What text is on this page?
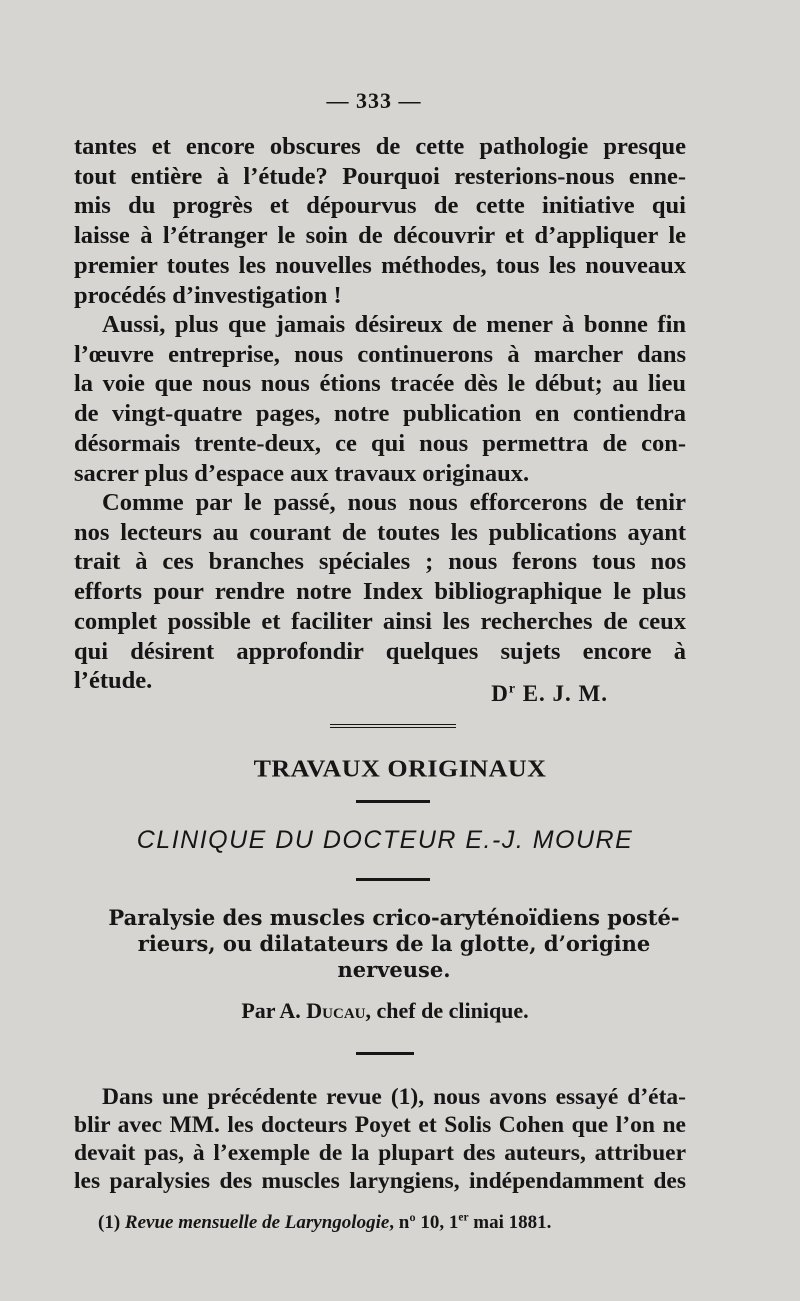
— 333 —
tantes et encore obscures de cette pathologie presque
tout entière à l’étude? Pourquoi resterions-nous enne-
mis du progrès et dépourvus de cette initiative qui
laisse à l’étranger le soin de découvrir et d’appliquer le
premier toutes les nouvelles méthodes, tous les nouveaux
procédés d’investigation !
Aussi, plus que jamais désireux de mener à bonne fin
l’œuvre entreprise, nous continuerons à marcher dans
la voie que nous nous étions tracée dès le début; au lieu
de vingt-quatre pages, notre publication en contiendra
désormais trente-deux, ce qui nous permettra de con-
sacrer plus d’espace aux travaux originaux.
Comme par le passé, nous nous efforcerons de tenir
nos lecteurs au courant de toutes les publications ayant
trait à ces branches spéciales ; nous ferons tous nos
efforts pour rendre notre Index bibliographique le plus
complet possible et faciliter ainsi les recherches de ceux
qui désirent approfondir quelques sujets encore à
l’étude.	$D^r$ E. J. M.
TRAVAUX ORIGINAUX
CLINIQUE DU DOCTEUR E.-J. MOURE
Paralysie des muscles crico-aryténoïdiens posté-
rieurs, ou dilatateurs de la glotte, d’origine
nerveuse.
Par A. Ducau, chef de clinique.
Dans une précédente revue (1), nous avons essayé d’éta-
blir avec MM. les docteurs Poyet et Solis Cohen que l’on ne
devait pas, à l’exemple de la plupart des auteurs, attribuer
les paralysies des muscles laryngiens, indépendamment des
(1) Revue mensuelle de Laryngologie, nº 10, 1er mai 1881.
